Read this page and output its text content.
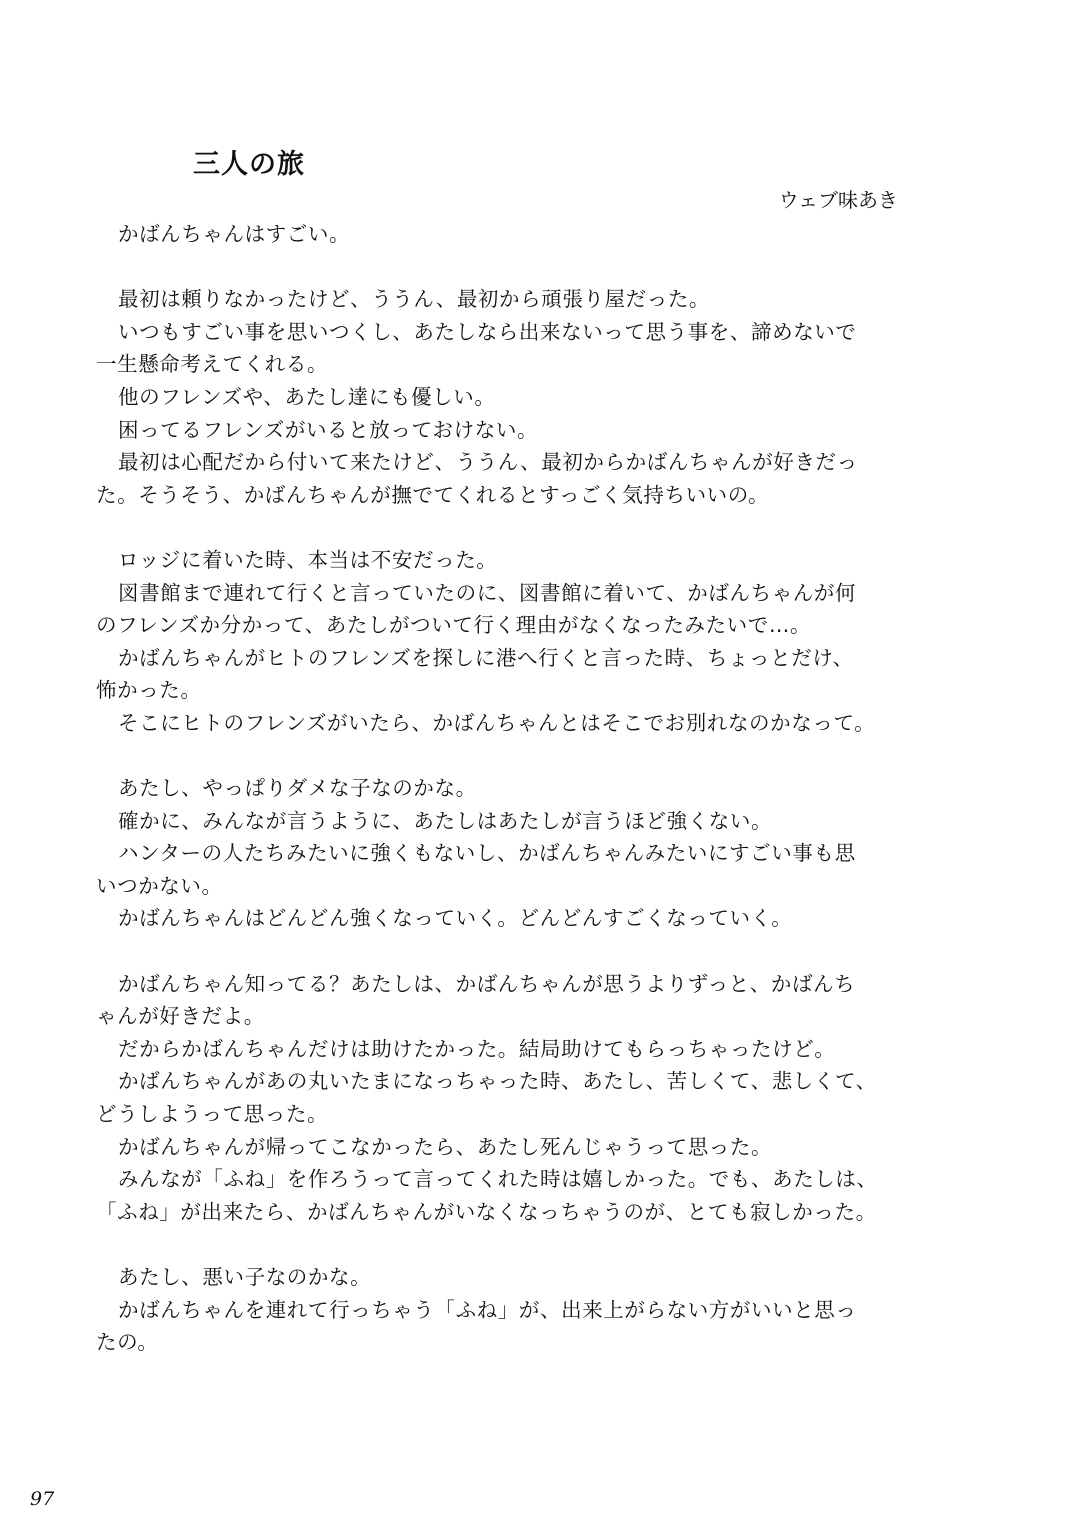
三人の旅
ウェブ味あき
かばんちゃんはすごい。
最初は頼りなかったけど、ううん、最初から頑張り屋だった。
いつもすごい事を思いつくし、あたしなら出来ないって思う事を、諦めないで
一生懸命考えてくれる。
他のフレンズや、あたし達にも優しい。
困ってるフレンズがいると放っておけない。
最初は心配だから付いて来たけど、ううん、最初からかばんちゃんが好きだっ
た。そうそう、かばんちゃんが撫でてくれるとすっごく気持ちいいの。
ロッジに着いた時、本当は不安だった。
図書館まで連れて行くと言っていたのに、図書館に着いて、かばんちゃんが何
のフレンズか分かって、あたしがついて行く理由がなくなったみたいで…。
かばんちゃんがヒトのフレンズを探しに港へ行くと言った時、ちょっとだけ、
怖かった。
そこにヒトのフレンズがいたら、かばんちゃんとはそこでお別れなのかなって。
あたし、やっぱりダメな子なのかな。
確かに、みんなが言うように、あたしはあたしが言うほど強くない。
ハンターの人たちみたいに強くもないし、かばんちゃんみたいにすごい事も思
いつかない。
かばんちゃんはどんどん強くなっていく。どんどんすごくなっていく。
かばんちゃん知ってる？あたしは、かばんちゃんが思うよりずっと、かばんち
ゃんが好きだよ。
だからかばんちゃんだけは助けたかった。結局助けてもらっちゃったけど。
かばんちゃんがあの丸いたまになっちゃった時、あたし、苦しくて、悲しくて、
どうしようって思った。
かばんちゃんが帰ってこなかったら、あたし死んじゃうって思った。
みんなが「ふね」を作ろうって言ってくれた時は嬉しかった。でも、あたしは、
「ふね」が出来たら、かばんちゃんがいなくなっちゃうのが、とても寂しかった。
あたし、悪い子なのかな。
かばんちゃんを連れて行っちゃう「ふね」が、出来上がらない方がいいと思っ
たの。
97
